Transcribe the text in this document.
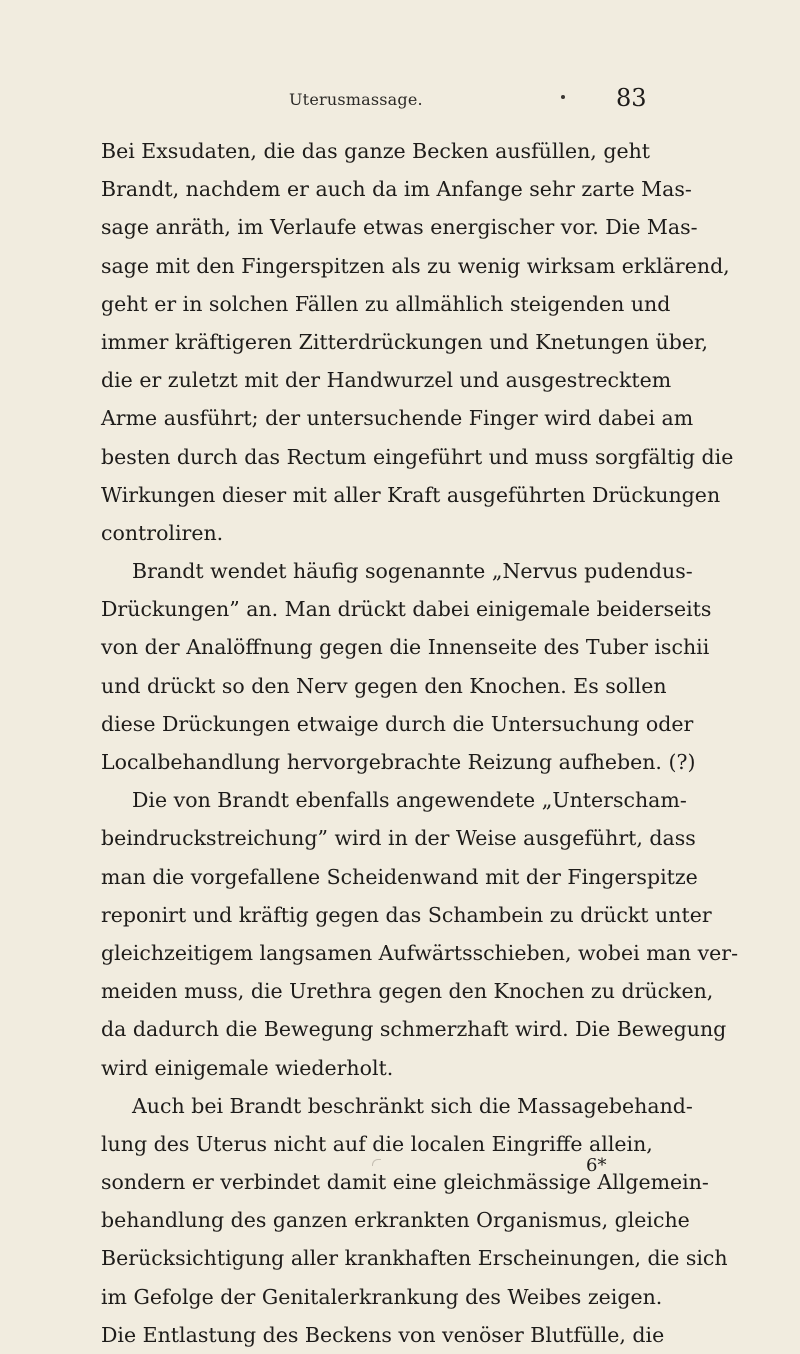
Uterusmassage.	83
Bei Exsudaten, die das ganze Becken ausfüllen, geht
Brandt, nachdem er auch da im Anfange sehr zarte Mas-
sage anräth, im Verlaufe etwas energischer vor. Die Mas-
sage mit den Fingerspitzen als zu wenig wirksam erklärend,
geht er in solchen Fällen zu allmählich steigenden und
immer kräftigeren Zitterdrückungen und Knetungen über,
die er zuletzt mit der Handwurzel und ausgestrecktem
Arme ausführt; der untersuchende Finger wird dabei am
besten durch das Rectum eingeführt und muss sorgfältig die
Wirkungen dieser mit aller Kraft ausgeführten Drückungen
controliren.
Brandt wendet häufig sogenannte „Nervus pudendus-
Drückungen” an. Man drückt dabei einigemale beiderseits
von der Analöffnung gegen die Innenseite des Tuber ischii
und drückt so den Nerv gegen den Knochen. Es sollen
diese Drückungen etwaige durch die Untersuchung oder
Localbehandlung hervorgebrachte Reizung aufheben. (?)
Die von Brandt ebenfalls angewendete „Unterscham-
beindruckstreichung” wird in der Weise ausgeführt, dass
man die vorgefallene Scheidenwand mit der Fingerspitze
reponirt und kräftig gegen das Schambein zu drückt unter
gleichzeitigem langsamen Aufwärtsschieben, wobei man ver-
meiden muss, die Urethra gegen den Knochen zu drücken,
da dadurch die Bewegung schmerzhaft wird. Die Bewegung
wird einigemale wiederholt.
Auch bei Brandt beschränkt sich die Massagebehand-
lung des Uterus nicht auf die localen Eingriffe allein,
sondern er verbindet damit eine gleichmässige Allgemein-
behandlung des ganzen erkrankten Organismus, gleiche
Berücksichtigung aller krankhaften Erscheinungen, die sich
im Gefolge der Genitalerkrankung des Weibes zeigen.
Die Entlastung des Beckens von venöser Blutfülle, die
6*
